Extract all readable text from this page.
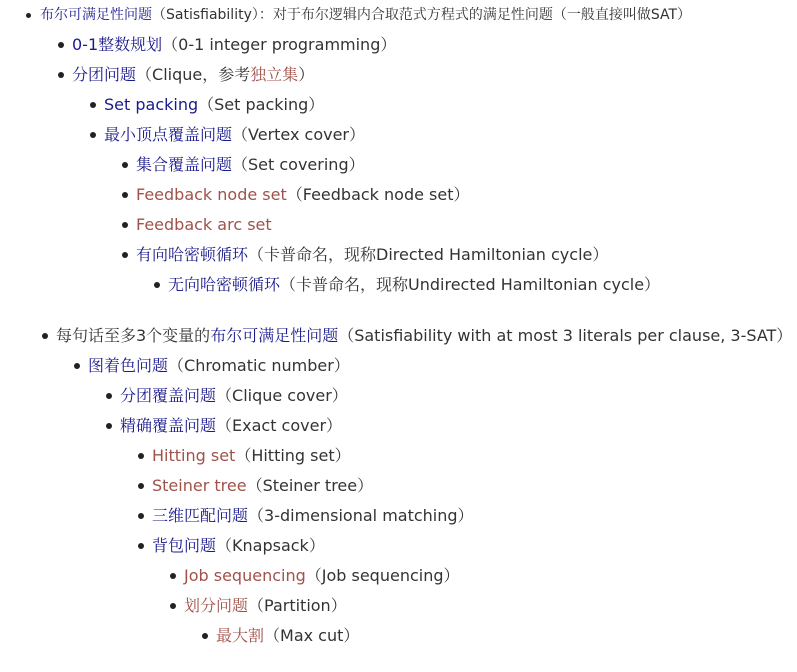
布尔可满足性问题（Satisfiability）：对于布尔逻辑内合取范式方程式的满足性问题（一般直接叫做SAT）
0-1整数规划（0-1 integer programming）
分团问题（Clique，参考独立集）
Set packing（Set packing）
最小顶点覆盖问题（Vertex cover）
集合覆盖问题（Set covering）
Feedback node set（Feedback node set）
Feedback arc set
有向哈密顿循环（卡普命名，现称Directed Hamiltonian cycle）
无向哈密顿循环（卡普命名，现称Undirected Hamiltonian cycle）
每句话至多3个变量的布尔可满足性问题（Satisfiability with at most 3 literals per clause, 3-SAT）
图着色问题（Chromatic number）
分团覆盖问题（Clique cover）
精确覆盖问题（Exact cover）
Hitting set（Hitting set）
Steiner tree（Steiner tree）
三维匹配问题（3-dimensional matching）
背包问题（Knapsack）
Job sequencing（Job sequencing）
划分问题（Partition）
最大割（Max cut）
